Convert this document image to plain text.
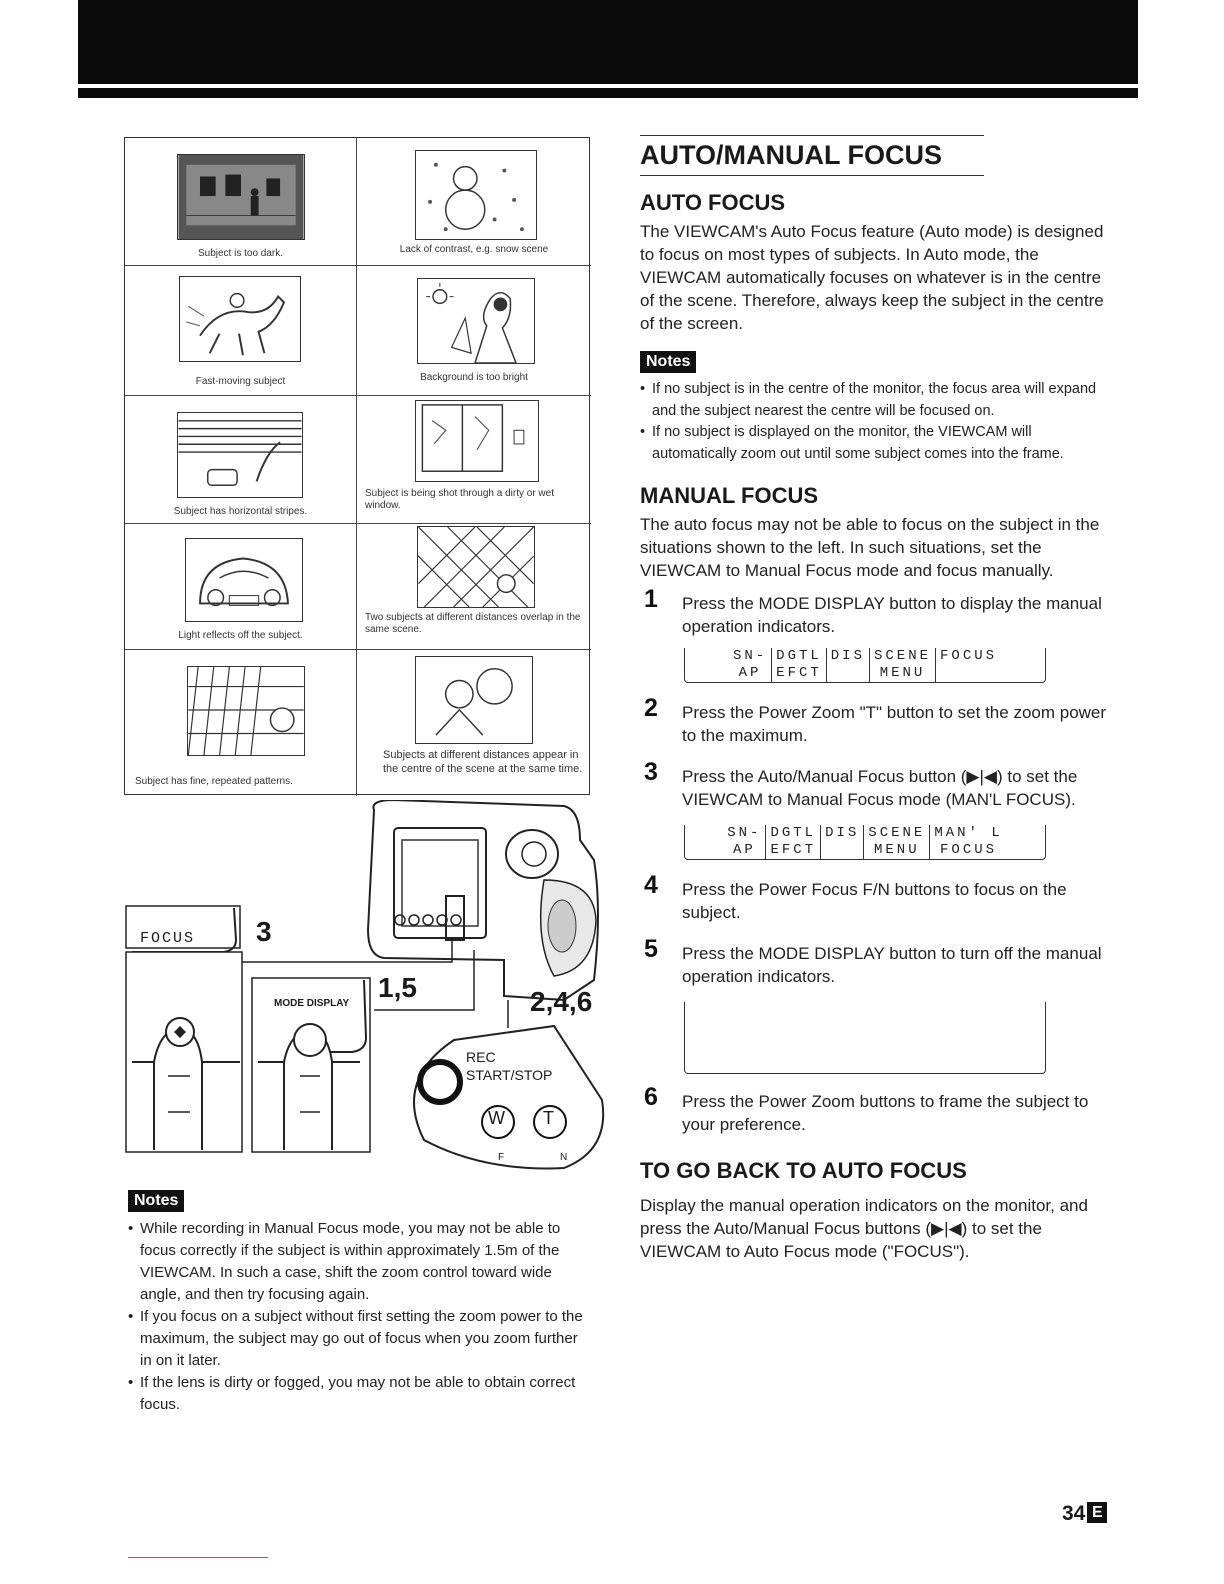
Subject is too dark.	Lack of contrast, e.g. snow scene
Fast-moving subject	Background is too bright
Subject has horizontal stripes.
Subject is being shot through a dirty or wet window.
Light reflects off the subject.
Two subjects at different distances overlap in the same scene.
Subject has fine, repeated patterns.
Subjects at different distances appear in the centre of the scene at the same time.
FOCUS 3
1,5	2,4,6
MODE DISPLAY
REC
START/STOP
W T
F	N
Notes
• While recording in Manual Focus mode, you may not be able to focus correctly if the subject is within approximately 1.5m of the VIEWCAM. In such a case, shift the zoom control toward wide angle, and then try focusing again.
• If you focus on a subject without first setting the zoom power to the maximum, the subject may go out of focus when you zoom further in on it later.
• If the lens is dirty or fogged, you may not be able to obtain correct focus.
AUTO/MANUAL FOCUS
AUTO FOCUS
The VIEWCAM's Auto Focus feature (Auto mode) is designed to focus on most types of subjects. In Auto mode, the VIEWCAM automatically focuses on whatever is in the centre of the scene. Therefore, always keep the subject in the centre of the screen.
Notes
• If no subject is in the centre of the monitor, the focus area will expand and the subject nearest the centre will be focused on.
• If no subject is displayed on the monitor, the VIEWCAM will automatically zoom out until some subject comes into the frame.
MANUAL FOCUS
The auto focus may not be able to focus on the subject in the situations shown to the left. In such situations, set the VIEWCAM to Manual Focus mode and focus manually.
1 Press the MODE DISPLAY button to display the manual operation indicators.
SN-	DGTL	DIS	SCENE	FOCUS
AP	EFCT		MENU	
2 Press the Power Zoom "T" button to set the zoom power to the maximum.
3 Press the Auto/Manual Focus button (▶|◀) to set the VIEWCAM to Manual Focus mode (MAN'L FOCUS).
SN-	DGTL	DIS	SCENE	MAN' L
AP	EFCT		MENU	FOCUS
4 Press the Power Focus F/N buttons to focus on the subject.
5 Press the MODE DISPLAY button to turn off the manual operation indicators.
6 Press the Power Zoom buttons to frame the subject to your preference.
TO GO BACK TO AUTO FOCUS
Display the manual operation indicators on the monitor, and press the Auto/Manual Focus buttons (▶|◀) to set the VIEWCAM to Auto Focus mode ("FOCUS").
34 E
